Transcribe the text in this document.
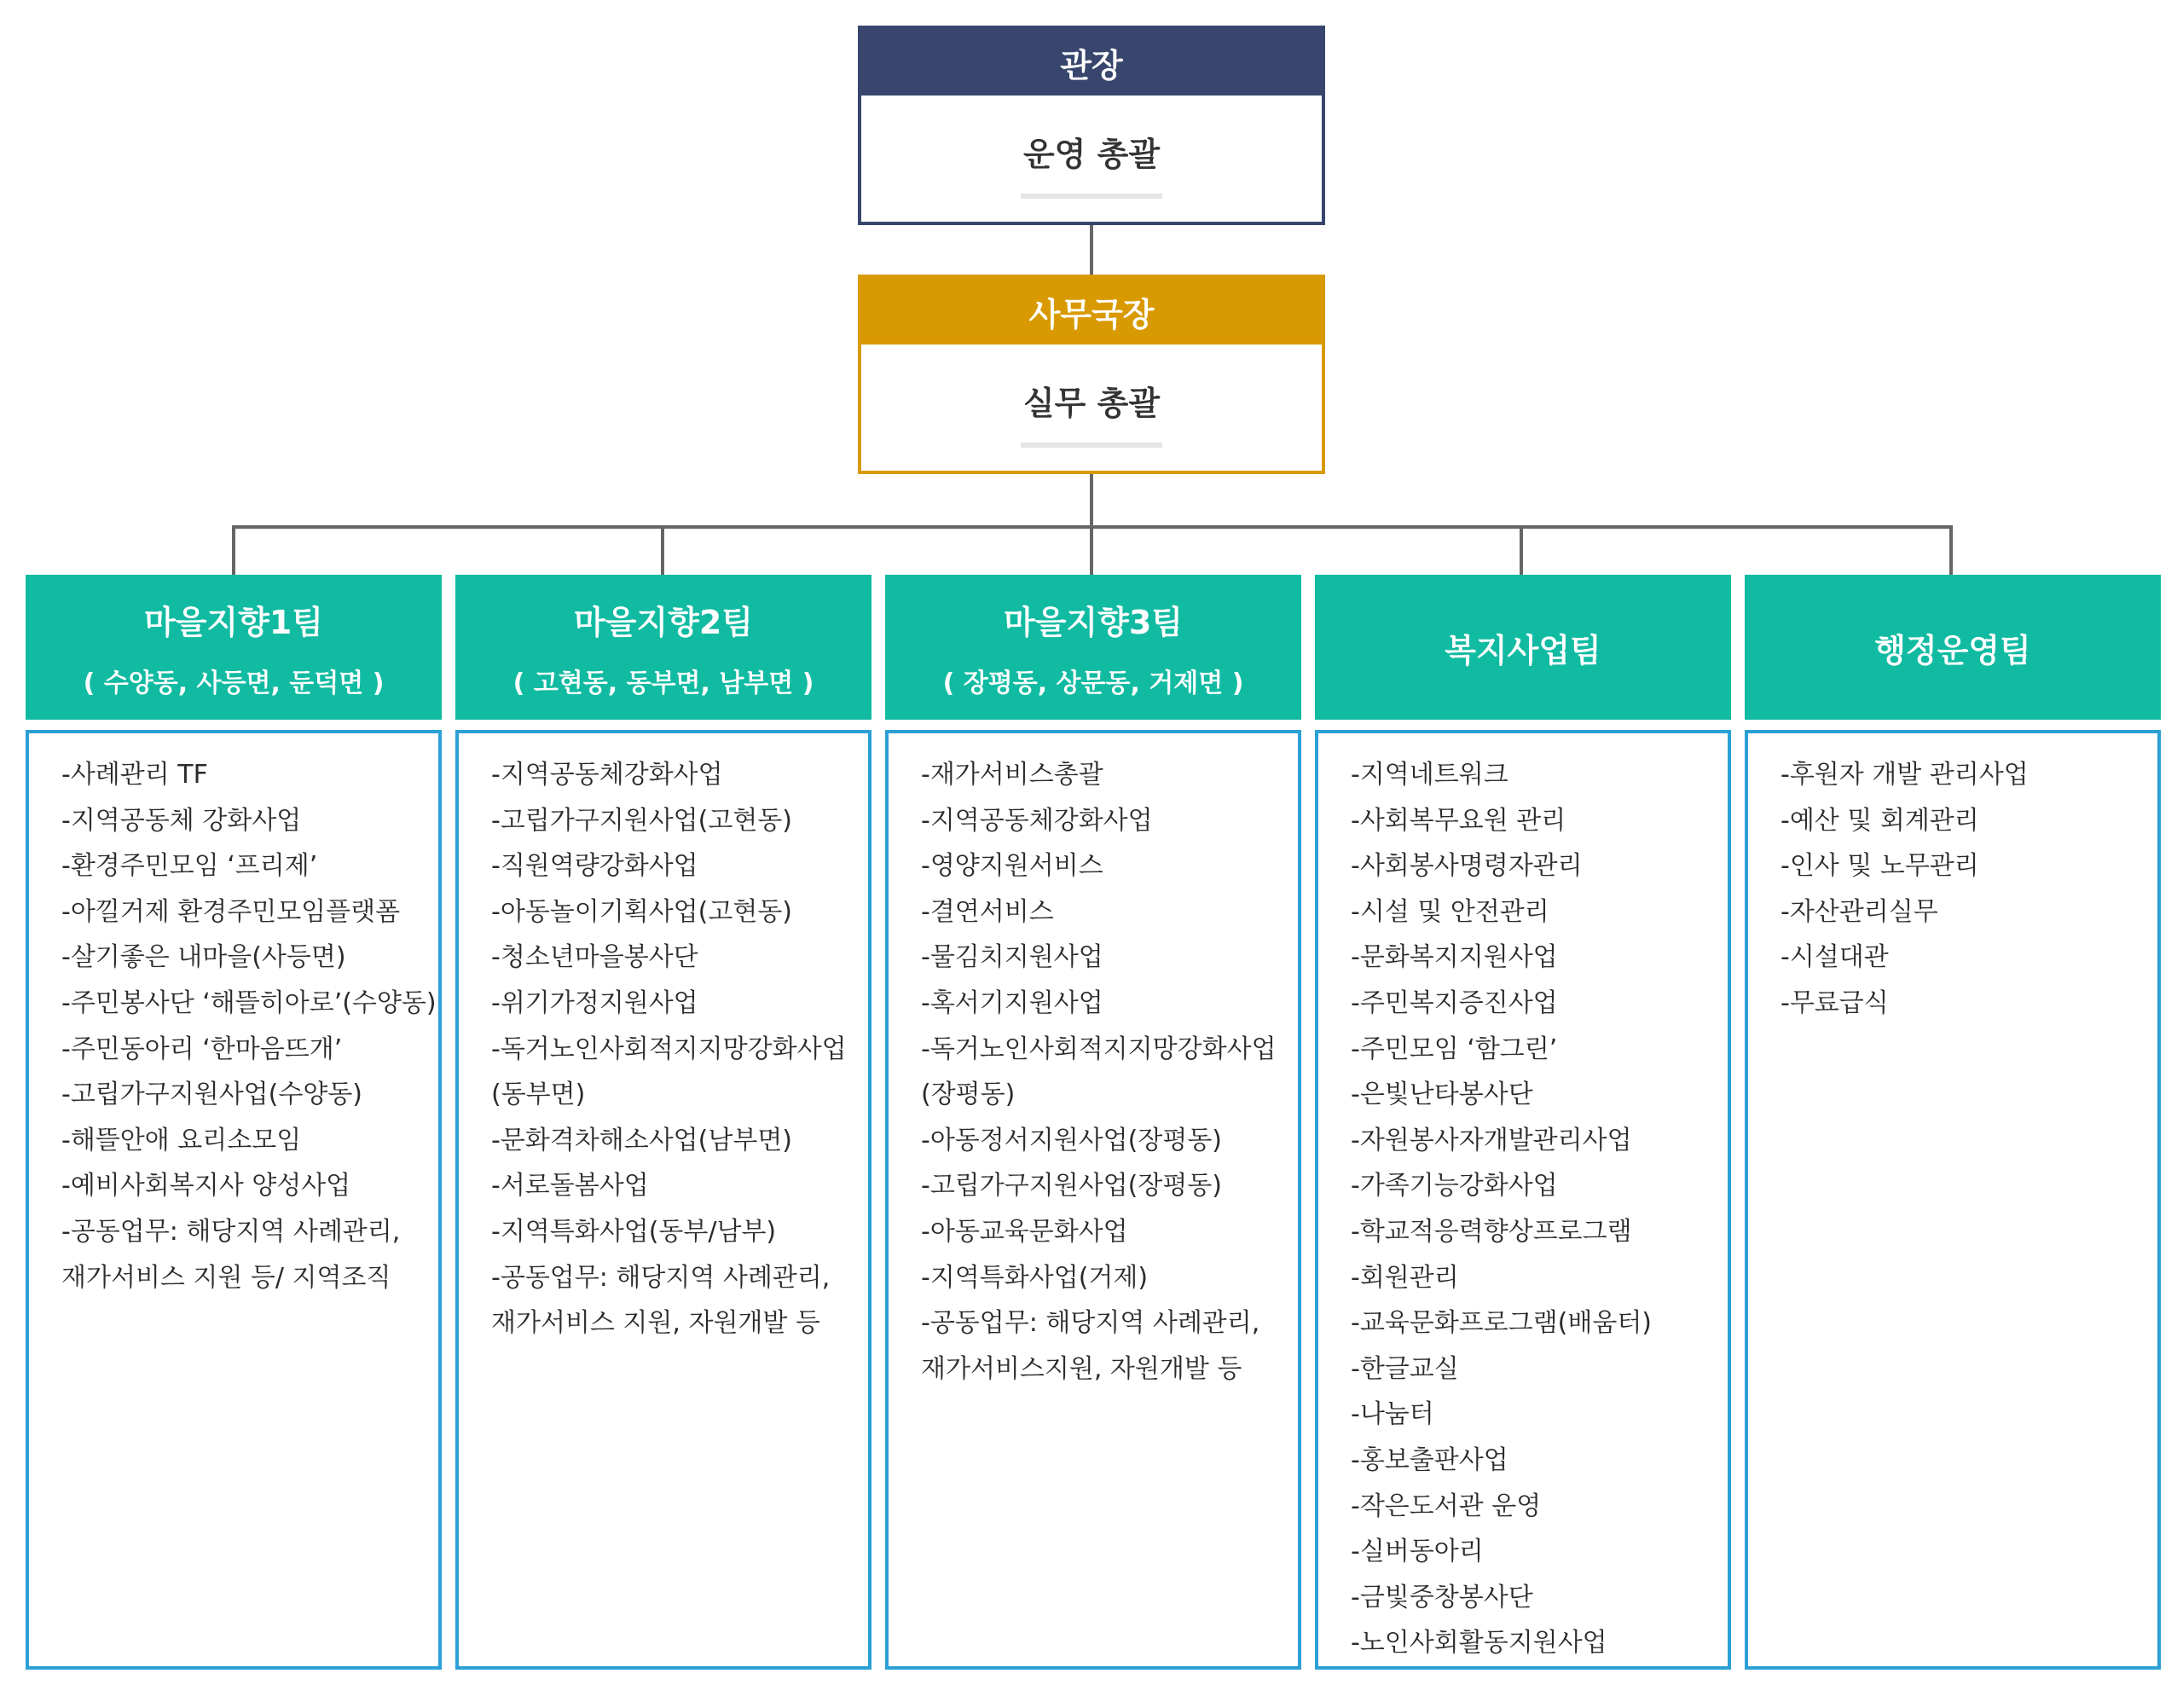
관장
운영 총괄
사무국장
실무 총괄
마을지향1팀
( 수양동, 사등면, 둔덕면 )
마을지향2팀
( 고현동, 동부면, 남부면 )
마을지향3팀
( 장평동, 상문동, 거제면 )
복지사업팀	행정운영팀
-사례관리 TF
-지역공동체 강화사업
-환경주민모임 ‘프리제’
-아낄거제 환경주민모임플랫폼
-살기좋은 내마을(사등면)
-주민봉사단 ‘해뜰히아로’(수양동)
-주민동아리 ‘한마음뜨개’
-고립가구지원사업(수양동)
-해뜰안애 요리소모임
-예비사회복지사 양성사업
-공동업무: 해당지역 사례관리,
재가서비스 지원 등/ 지역조직
-지역공동체강화사업
-고립가구지원사업(고현동)
-직원역량강화사업
-아동놀이기획사업(고현동)
-청소년마을봉사단
-위기가정지원사업
-독거노인사회적지지망강화사업
(동부면)
-문화격차해소사업(남부면)
-서로돌봄사업
-지역특화사업(동부/남부)
-공동업무: 해당지역 사례관리,
재가서비스 지원, 자원개발 등
-재가서비스총괄
-지역공동체강화사업
-영양지원서비스
-결연서비스
-물김치지원사업
-혹서기지원사업
-독거노인사회적지지망강화사업
(장평동)
-아동정서지원사업(장평동)
-고립가구지원사업(장평동)
-아동교육문화사업
-지역특화사업(거제)
-공동업무: 해당지역 사례관리,
재가서비스지원, 자원개발 등
-지역네트워크
-사회복무요원 관리
-사회봉사명령자관리
-시설 및 안전관리
-문화복지지원사업
-주민복지증진사업
-주민모임 ‘함그린’
-은빛난타봉사단
-자원봉사자개발관리사업
-가족기능강화사업
-학교적응력향상프로그램
-회원관리
-교육문화프로그램(배움터)
-한글교실
-나눔터
-홍보출판사업
-작은도서관 운영
-실버동아리
-금빛중창봉사단
-노인사회활동지원사업
-후원자 개발 관리사업
-예산 및 회계관리
-인사 및 노무관리
-자산관리실무
-시설대관
-무료급식
